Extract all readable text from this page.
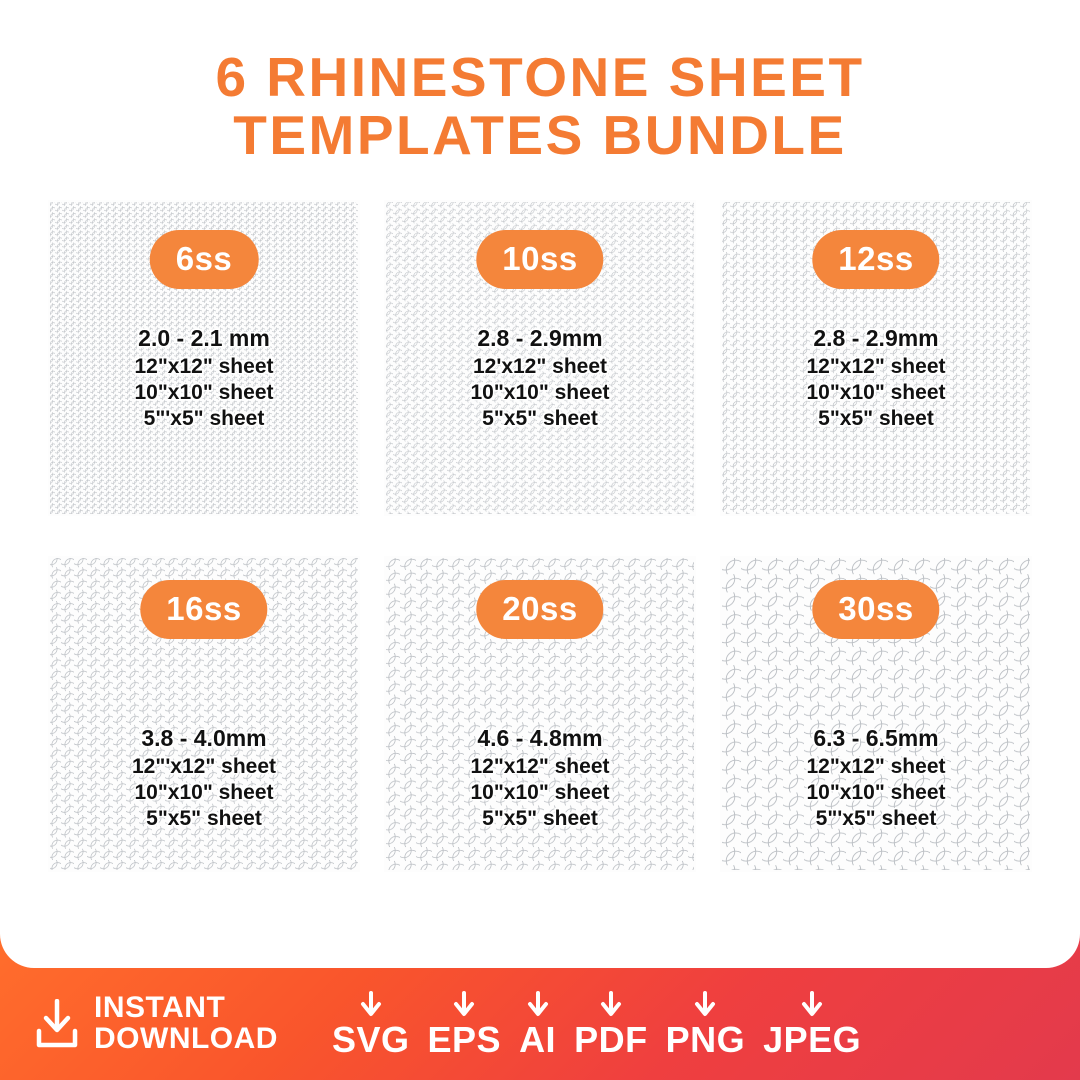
6 RHINESTONE SHEET
TEMPLATES BUNDLE
6ss
2.0 - 2.1 mm
12"x12" sheet
10"x10" sheet
5"'x5" sheet
10ss
2.8 - 2.9mm
12'x12" sheet
10"x10" sheet
5"x5" sheet
12ss
2.8 - 2.9mm
12"x12" sheet
10"x10" sheet
5"x5" sheet
16ss
3.8 - 4.0mm
12"'x12" sheet
10"x10" sheet
5"x5" sheet
20ss
4.6 - 4.8mm
12"x12" sheet
10"x10" sheet
5"x5" sheet
30ss
6.3 - 6.5mm
12"x12" sheet
10"x10" sheet
5"'x5" sheet
INSTANT
DOWNLOAD SVG EPS AI PDF PNG JPEG
